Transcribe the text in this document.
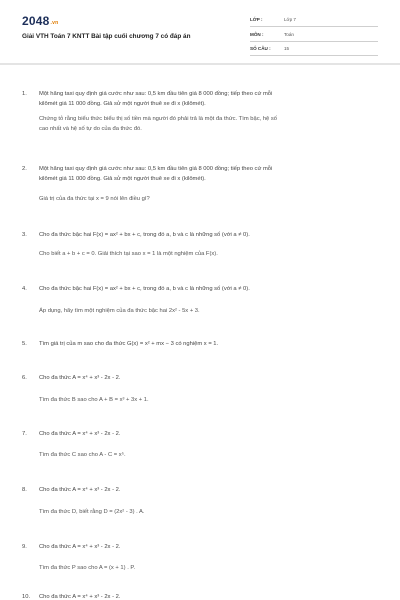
$2048_{.vn}$
Giải VTH Toán 7 KNTT Bài tập cuối chương 7 có đáp án
LỚP :	Lớp 7
MÔN :	Toán
SỐ CÂU :	15
1. Một hãng taxi quy định giá cước như sau: 0,5 km đầu tiên giá 8 000 đồng; tiếp theo cứ mỗi
kilômét giá 11 000 đồng. Giả sử một người thuê xe đi x (kilômét).
Chứng tỏ rằng biểu thức biểu thị số tiền mà người đó phải trả là một đa thức. Tìm bậc, hệ số
cao nhất và hệ số tự do của đa thức đó.
2. Một hãng taxi quy định giá cước như sau: 0,5 km đầu tiên giá 8 000 đồng; tiếp theo cứ mỗi
kilômét giá 11 000 đồng. Giả sử một người thuê xe đi x (kilômét).
Giá trị của đa thức tại x = 9 nói lên điều gì?
3. Cho đa thức bậc hai F(x) = ax² + bx + c, trong đó a, b và c là những số (với a ≠ 0).
Cho biết a + b + c = 0. Giải thích tại sao x = 1 là một nghiệm của F(x).
4. Cho đa thức bậc hai F(x) = ax² + bx + c, trong đó a, b và c là những số (với a ≠ 0).
Áp dụng, hãy tìm một nghiệm của đa thức bậc hai 2x² - 5x + 3.
5. Tìm giá trị của m sao cho đa thức G(x) = x² + mx − 3 có nghiệm x = 1.
6. Cho đa thức A = x⁴ + x³ - 2x - 2.
Tìm đa thức B sao cho A + B = x³ + 3x + 1.
7. Cho đa thức A = x⁴ + x³ - 2x - 2.
Tìm đa thức C sao cho A - C = x⁵.
8. Cho đa thức A = x⁴ + x³ - 2x - 2.
Tìm đa thức D, biết rằng D = (2x² - 3) . A.
9. Cho đa thức A = x⁴ + x³ - 2x - 2.
Tìm đa thức P sao cho A = (x + 1) . P.
10. Cho đa thức A = x⁴ + x³ - 2x - 2.
